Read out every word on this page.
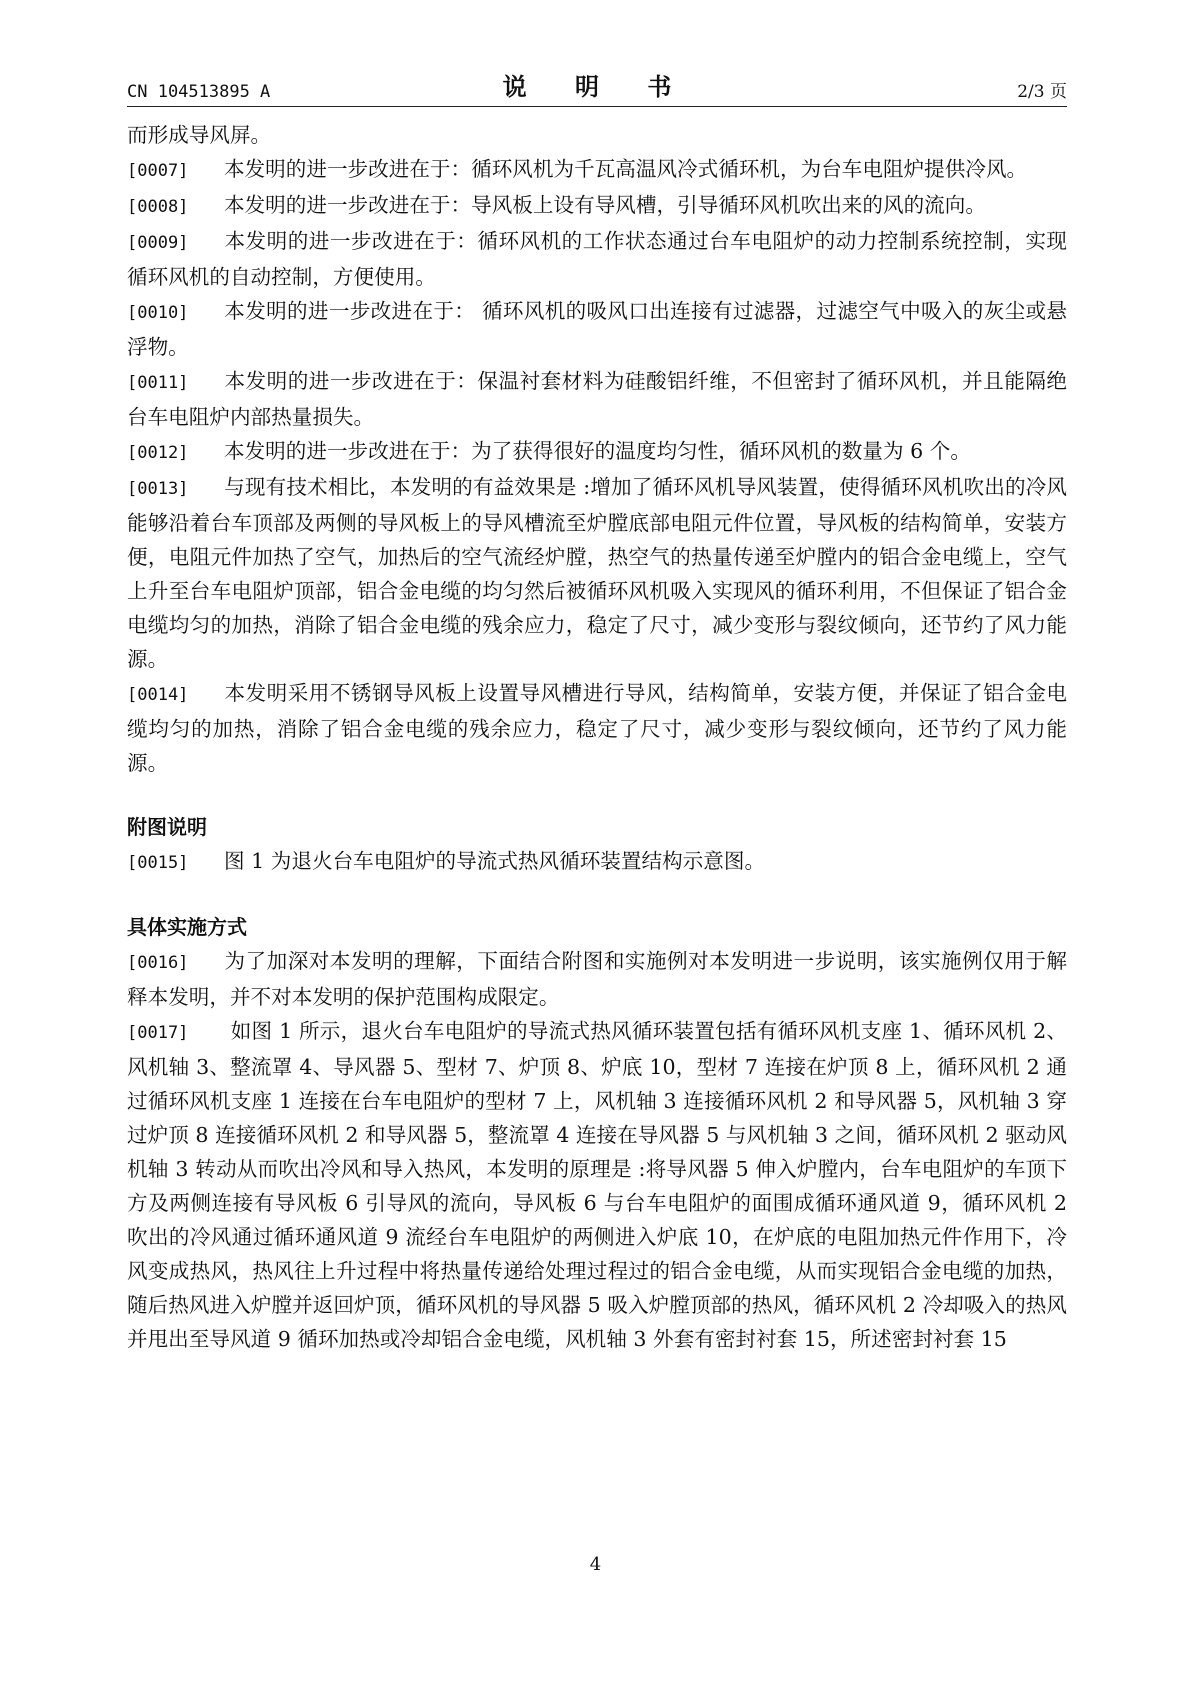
CN 104513895 A	说 明 书	2/3 页

而形成导风屏。

[0007] 本发明的进一步改进在于：循环风机为千瓦高温风冷式循环机，为台车电阻炉提供冷风。

[0008] 本发明的进一步改进在于：导风板上设有导风槽，引导循环风机吹出来的风的流向。

[0009] 本发明的进一步改进在于：循环风机的工作状态通过台车电阻炉的动力控制系统控制，实现循环风机的自动控制，方便使用。

[0010] 本发明的进一步改进在于： 循环风机的吸风口出连接有过滤器，过滤空气中吸入的灰尘或悬浮物。

[0011] 本发明的进一步改进在于：保温衬套材料为硅酸铝纤维，不但密封了循环风机，并且能隔绝台车电阻炉内部热量损失。

[0012] 本发明的进一步改进在于：为了获得很好的温度均匀性，循环风机的数量为 6 个。

[0013] 与现有技术相比，本发明的有益效果是 :增加了循环风机导风装置，使得循环风机吹出的冷风能够沿着台车顶部及两侧的导风板上的导风槽流至炉膛底部电阻元件位置，导风板的结构简单，安装方便，电阻元件加热了空气，加热后的空气流经炉膛，热空气的热量传递至炉膛内的铝合金电缆上，空气上升至台车电阻炉顶部，铝合金电缆的均匀然后被循环风机吸入实现风的循环利用，不但保证了铝合金电缆均匀的加热，消除了铝合金电缆的残余应力，稳定了尺寸，减少变形与裂纹倾向，还节约了风力能源。

[0014] 本发明采用不锈钢导风板上设置导风槽进行导风，结构简单，安装方便，并保证了铝合金电缆均匀的加热，消除了铝合金电缆的残余应力，稳定了尺寸，减少变形与裂纹倾向，还节约了风力能源。

附图说明

[0015] 图 1 为退火台车电阻炉的导流式热风循环装置结构示意图。

具体实施方式

[0016] 为了加深对本发明的理解，下面结合附图和实施例对本发明进一步说明，该实施例仅用于解释本发明，并不对本发明的保护范围构成限定。

[0017] 如图 1 所示，退火台车电阻炉的导流式热风循环装置包括有循环风机支座 1、循环风机 2、风机轴 3、整流罩 4、导风器 5、型材 7、炉顶 8、炉底 10，型材 7 连接在炉顶 8 上，循环风机 2 通过循环风机支座 1 连接在台车电阻炉的型材 7 上，风机轴 3 连接循环风机 2 和导风器 5，风机轴 3 穿过炉顶 8 连接循环风机 2 和导风器 5，整流罩 4 连接在导风器 5 与风机轴 3 之间，循环风机 2 驱动风机轴 3 转动从而吹出冷风和导入热风，本发明的原理是 :将导风器 5 伸入炉膛内，台车电阻炉的车顶下方及两侧连接有导风板 6 引导风的流向，导风板 6 与台车电阻炉的面围成循环通风道 9，循环风机 2 吹出的冷风通过循环通风道 9 流经台车电阻炉的两侧进入炉底 10，在炉底的电阻加热元件作用下，冷风变成热风，热风往上升过程中将热量传递给处理过程过的铝合金电缆，从而实现铝合金电缆的加热，随后热风进入炉膛并返回炉顶，循环风机的导风器 5 吸入炉膛顶部的热风，循环风机 2 冷却吸入的热风并甩出至导风道 9 循环加热或冷却铝合金电缆，风机轴 3 外套有密封衬套 15，所述密封衬套 15

4
